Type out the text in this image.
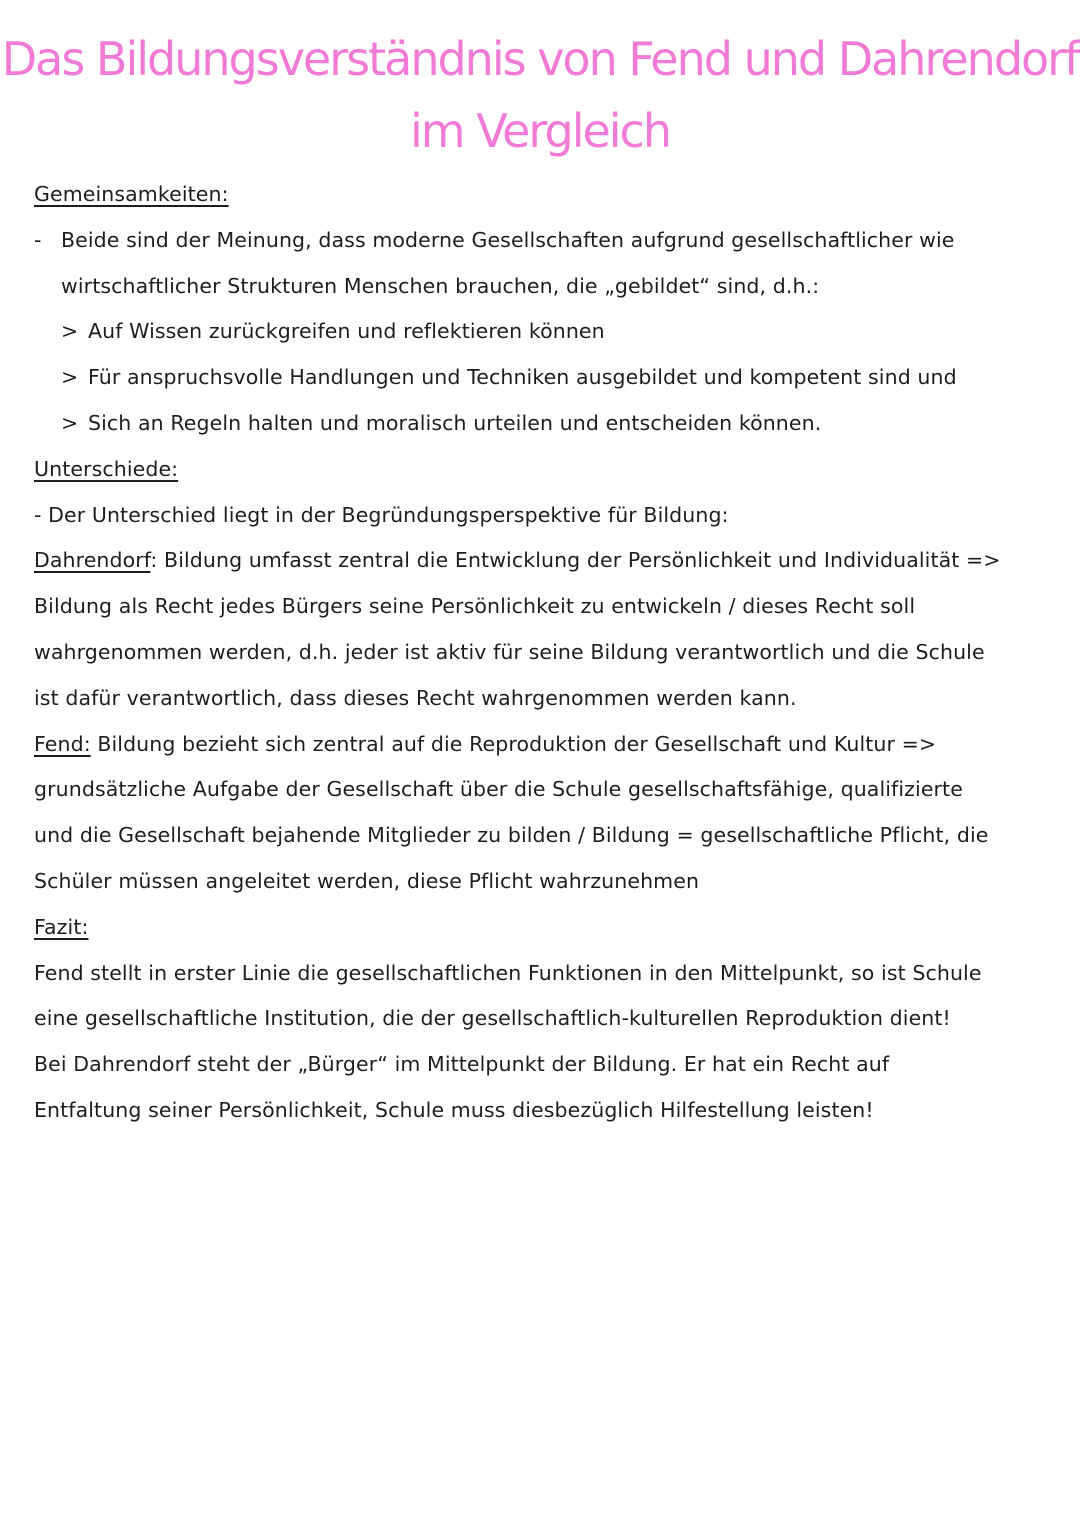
Das Bildungsverständnis von Fend und Dahrendorf
im Vergleich
Gemeinsamkeiten:
- Beide sind der Meinung, dass moderne Gesellschaften aufgrund gesellschaftlicher wie
wirtschaftlicher Strukturen Menschen brauchen, die „gebildet“ sind, d.h.:
> Auf Wissen zurückgreifen und reflektieren können
> Für anspruchsvolle Handlungen und Techniken ausgebildet und kompetent sind und
> Sich an Regeln halten und moralisch urteilen und entscheiden können.
Unterschiede:
- Der Unterschied liegt in der Begründungsperspektive für Bildung:
Dahrendorf: Bildung umfasst zentral die Entwicklung der Persönlichkeit und Individualität =>
Bildung als Recht jedes Bürgers seine Persönlichkeit zu entwickeln / dieses Recht soll
wahrgenommen werden, d.h. jeder ist aktiv für seine Bildung verantwortlich und die Schule
ist dafür verantwortlich, dass dieses Recht wahrgenommen werden kann.
Fend: Bildung bezieht sich zentral auf die Reproduktion der Gesellschaft und Kultur =>
grundsätzliche Aufgabe der Gesellschaft über die Schule gesellschaftsfähige, qualifizierte
und die Gesellschaft bejahende Mitglieder zu bilden / Bildung = gesellschaftliche Pflicht, die
Schüler müssen angeleitet werden, diese Pflicht wahrzunehmen
Fazit:
Fend stellt in erster Linie die gesellschaftlichen Funktionen in den Mittelpunkt, so ist Schule
eine gesellschaftliche Institution, die der gesellschaftlich-kulturellen Reproduktion dient!
Bei Dahrendorf steht der „Bürger“ im Mittelpunkt der Bildung. Er hat ein Recht auf
Entfaltung seiner Persönlichkeit, Schule muss diesbezüglich Hilfestellung leisten!
